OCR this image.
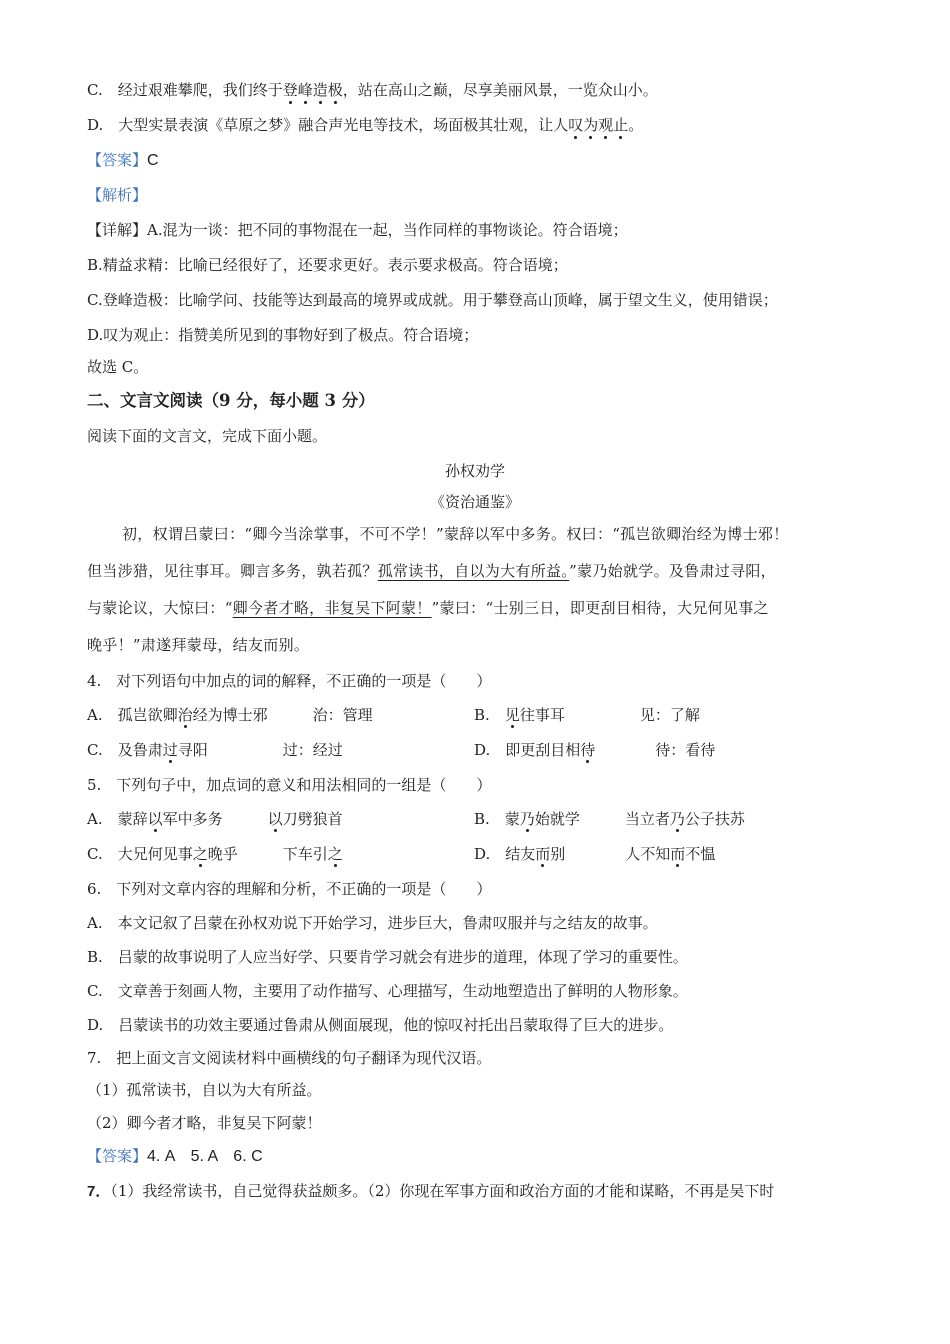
C.　经过艰难攀爬，我们终于登峰造极，站在高山之巅，尽享美丽风景，一览众山小。
D.　大型实景表演《草原之梦》融合声光电等技术，场面极其壮观，让人叹为观止。
【答案】C
【解析】
【详解】A.混为一谈：把不同的事物混在一起，当作同样的事物谈论。符合语境；
B.精益求精：比喻已经很好了，还要求更好。表示要求极高。符合语境；
C.登峰造极：比喻学问、技能等达到最高的境界或成就。用于攀登高山顶峰，属于望文生义，使用错误；
D.叹为观止：指赞美所见到的事物好到了极点。符合语境；
故选 C。
二、文言文阅读（9 分，每小题 3 分）
阅读下面的文言文，完成下面小题。
孙权劝学
《资治通鉴》
初，权谓吕蒙曰：“卿今当涂掌事，不可不学！”蒙辞以军中多务。权曰：“孤岂欲卿治经为博士邪！
但当涉猎，见往事耳。卿言多务，孰若孤？孤常读书，自以为大有所益。”蒙乃始就学。及鲁肃过寻阳，
与蒙论议，大惊曰：“卿今者才略，非复吴下阿蒙！”蒙曰：“士别三日，即更刮目相待，大兄何见事之
晚乎！”肃遂拜蒙母，结友而别。
4.　对下列语句中加点的词的解释，不正确的一项是（　　）
A.　孤岂欲卿治经为博士邪　　　治：管理	B.　见往事耳　　　　　见：了解
C.　及鲁肃过寻阳　　　　　过：经过	D.　即更刮目相待　　　　待：看待
5.　下列句子中，加点词的意义和用法相同的一组是（　　）
A.　蒙辞以军中多务　　　以刀劈狼首	B.　蒙乃始就学　　　当立者乃公子扶苏
C.　大兄何见事之晚乎　　　下车引之	D.　结友而别　　　　人不知而不愠
6.　下列对文章内容的理解和分析，不正确的一项是（　　）
A.　本文记叙了吕蒙在孙权劝说下开始学习，进步巨大，鲁肃叹服并与之结友的故事。
B.　吕蒙的故事说明了人应当好学、只要肯学习就会有进步的道理，体现了学习的重要性。
C.　文章善于刻画人物，主要用了动作描写、心理描写，生动地塑造出了鲜明的人物形象。
D.　吕蒙读书的功效主要通过鲁肃从侧面展现，他的惊叹衬托出吕蒙取得了巨大的进步。
7.　把上面文言文阅读材料中画横线的句子翻译为现代汉语。
（1）孤常读书，自以为大有所益。
（2）卿今者才略，非复吴下阿蒙！
【答案】4. A　5. A　6. C
7．（1）我经常读书，自己觉得获益颇多。（2）你现在军事方面和政治方面的才能和谋略，不再是吴下时
